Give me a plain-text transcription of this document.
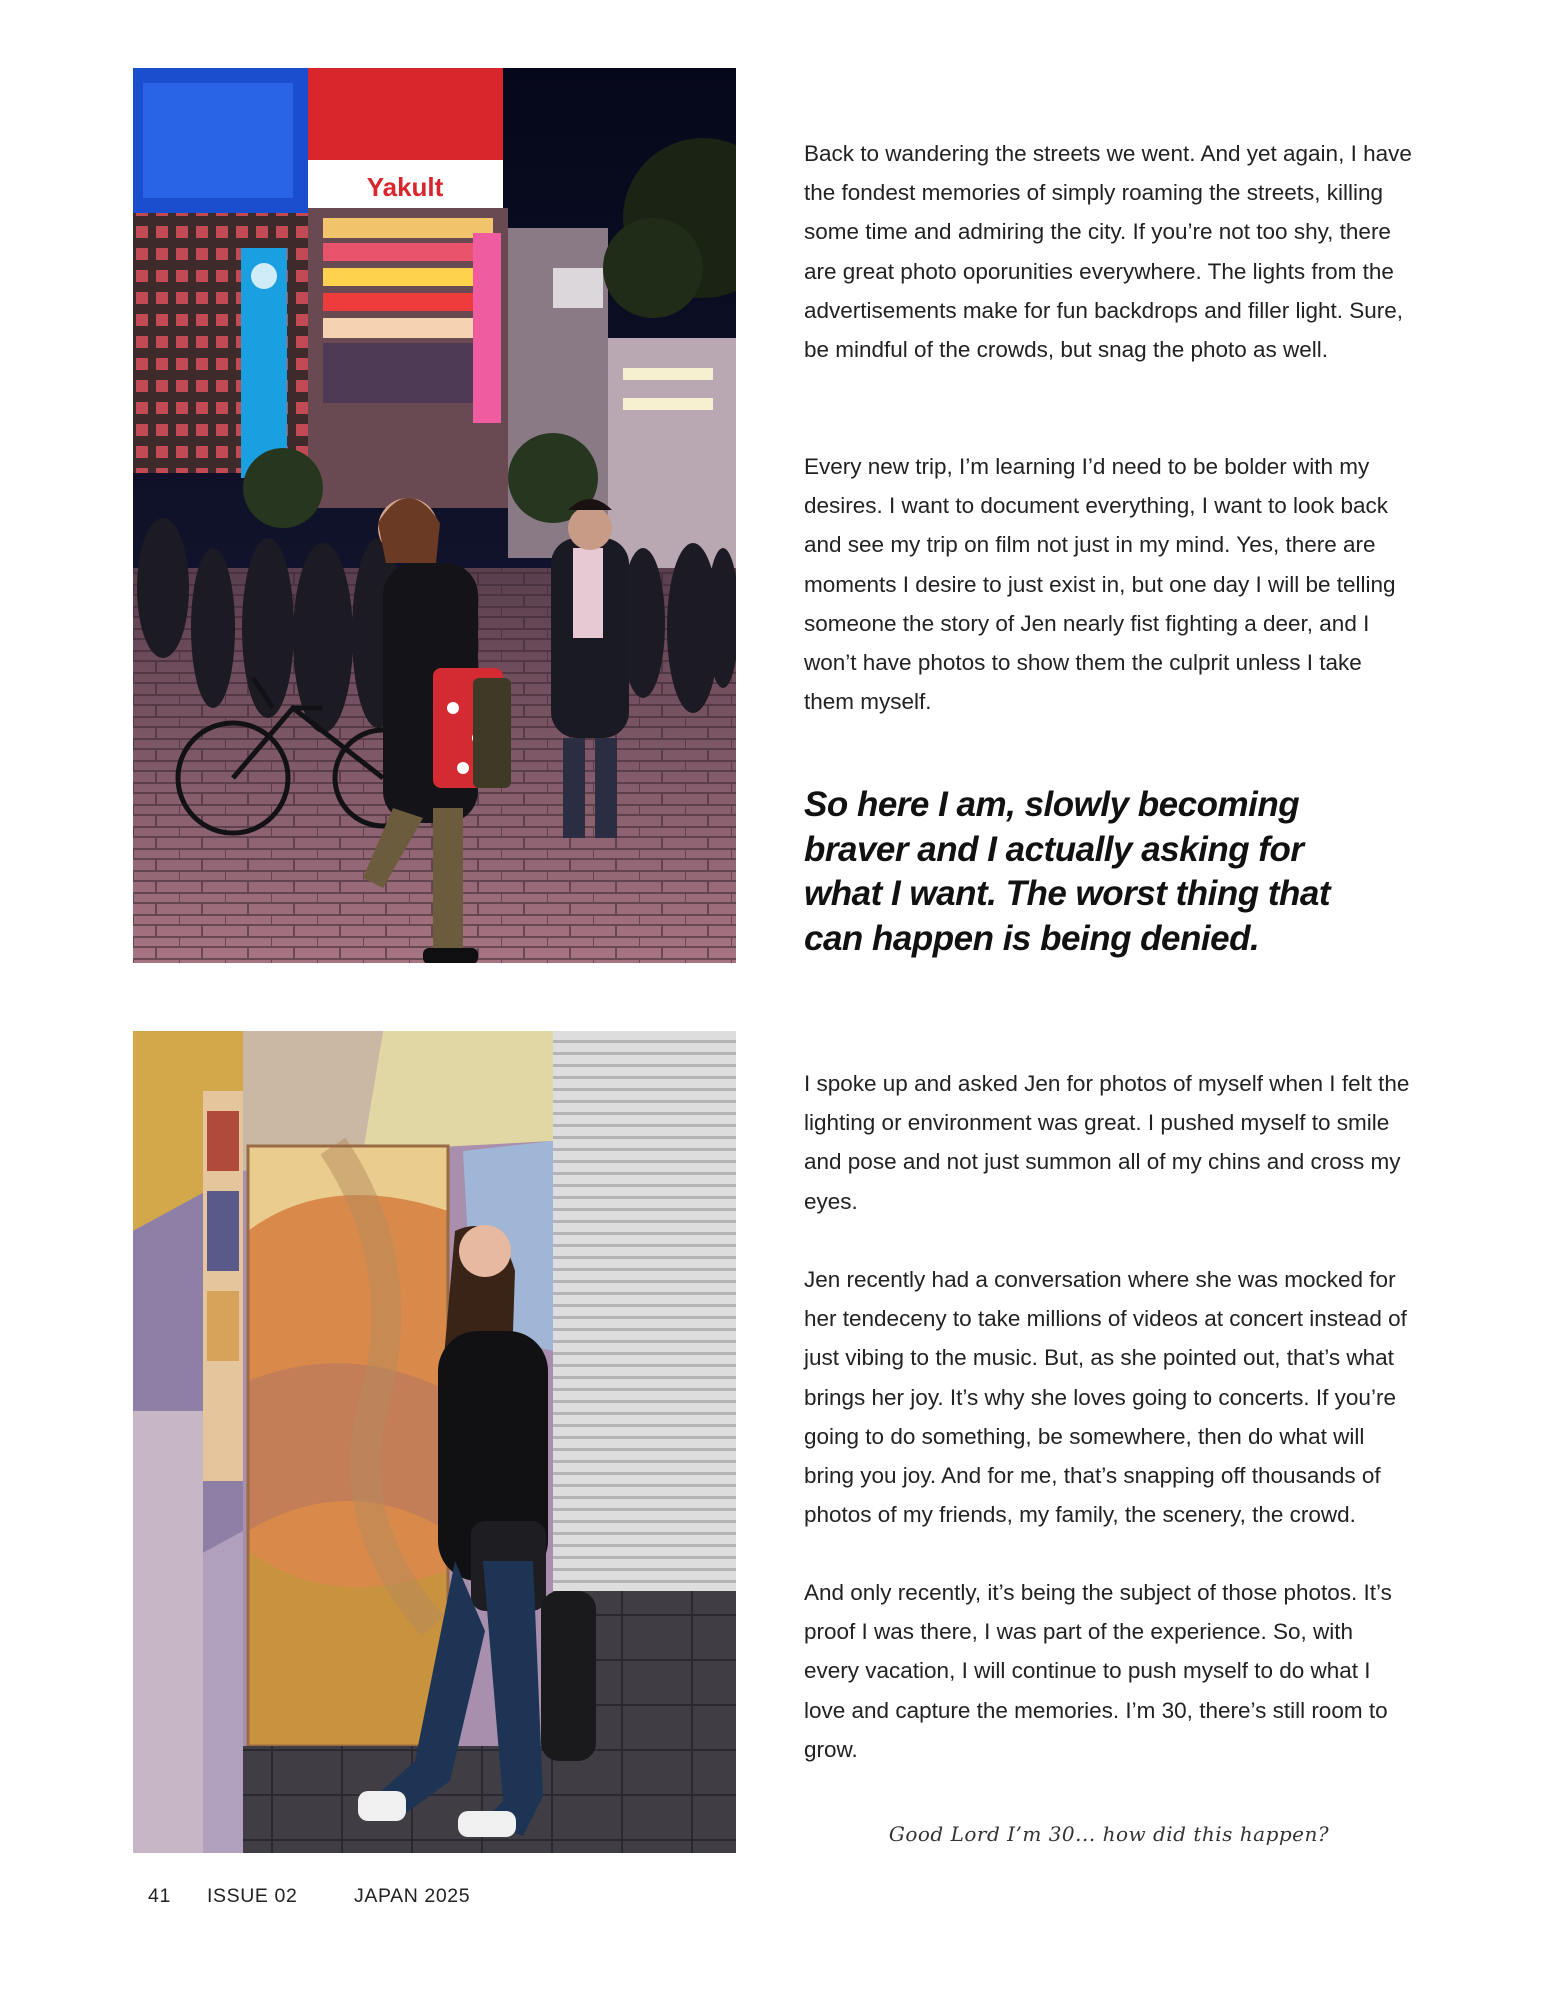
Yakult

Back to wandering the streets we went. And yet again, I have the fondest memories of simply roaming the streets, killing some time and admiring the city. If you’re not too shy, there are great photo oporunities everywhere. The lights from the advertisements make for fun backdrops and filler light. Sure, be mindful of the crowds, but snag the photo as well.

Every new trip, I’m learning I’d need to be bolder with my desires. I want to document everything, I want to look back and see my trip on film not just in my mind. Yes, there are moments I desire to just exist in, but one day I will be telling someone the story of Jen nearly fist fighting a deer, and I won’t have photos to show them the culprit unless I take them myself.

So here I am, slowly becoming braver and I actually asking for what I want. The worst thing that can happen is being denied.

I spoke up and asked Jen for photos of myself when I felt the lighting or environment was great. I pushed myself to smile and pose and not just summon all of my chins and cross my eyes.

Jen recently had a conversation where she was mocked for her tendeceny to take millions of videos at concert instead of just vibing to the music. But, as she pointed out, that’s what brings her joy. It’s why she loves going to concerts. If you’re going to do something, be somewhere, then do what will bring you joy. And for me, that’s snapping off thousands of photos of my friends, my family, the scenery, the crowd.

And only recently, it’s being the subject of those photos. It’s proof I was there, I was part of the experience. So, with every vacation, I will continue to push myself to do what I love and capture the memories. I’m 30, there’s still room to grow.

Good Lord I’m 30... how did this happen?
41 ISSUE 02	JAPAN 2025
